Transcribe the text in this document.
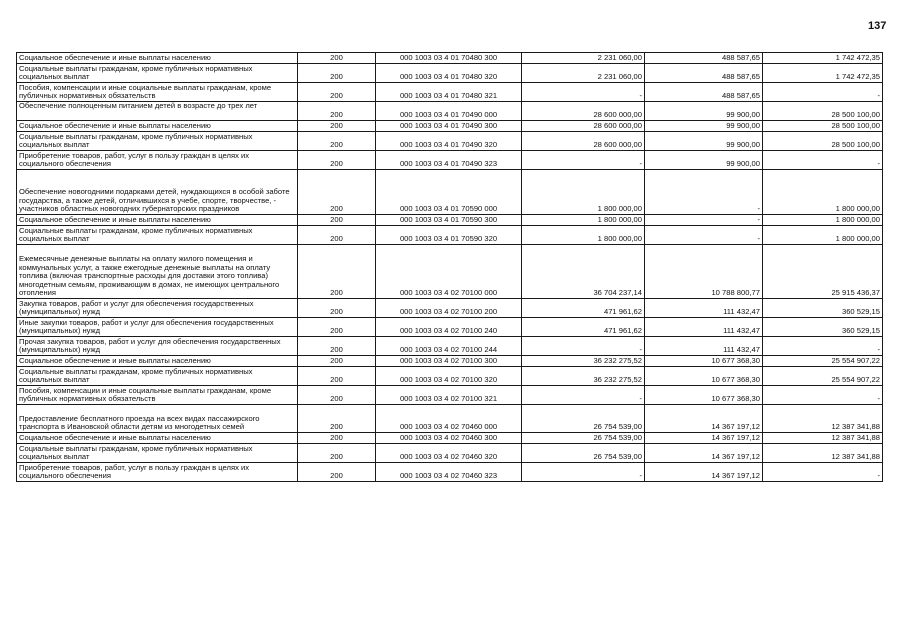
137
Социальное обеспечение и иные выплаты населению	200	000 1003 03 4 01 70480 300	2 231 060,00	488 587,65	1 742 472,35
Социальные выплаты гражданам, кроме публичных нормативных социальных выплат	200	000 1003 03 4 01 70480 320	2 231 060,00	488 587,65	1 742 472,35
Пособия, компенсации и иные социальные выплаты гражданам, кроме публичных нормативных обязательств	200	000 1003 03 4 01 70480 321	-	488 587,65	-
Обеспечение полноценным питанием детей в возрасте до трех лет	200	000 1003 03 4 01 70490 000	28 600 000,00	99 900,00	28 500 100,00
Социальное обеспечение и иные выплаты населению	200	000 1003 03 4 01 70490 300	28 600 000,00	99 900,00	28 500 100,00
Социальные выплаты гражданам, кроме публичных нормативных социальных выплат	200	000 1003 03 4 01 70490 320	28 600 000,00	99 900,00	28 500 100,00
Приобретение товаров, работ, услуг в пользу граждан в целях их социального обеспечения	200	000 1003 03 4 01 70490 323	-	99 900,00	-
Обеспечение новогодними подарками детей, нуждающихся в особой заботе государства, а также детей, отличившихся в учебе, спорте, творчестве, - участников областных новогодних губернаторских праздников	200	000 1003 03 4 01 70590 000	1 800 000,00	-	1 800 000,00
Социальное обеспечение и иные выплаты населению	200	000 1003 03 4 01 70590 300	1 800 000,00	-	1 800 000,00
Социальные выплаты гражданам, кроме публичных нормативных социальных выплат	200	000 1003 03 4 01 70590 320	1 800 000,00	-	1 800 000,00
Ежемесячные денежные выплаты на оплату жилого помещения и коммунальных услуг, а также ежегодные денежные выплаты на оплату топлива (включая транспортные расходы для доставки этого топлива) многодетным семьям, проживающим в домах, не имеющих центрального отопления	200	000 1003 03 4 02 70100 000	36 704 237,14	10 788 800,77	25 915 436,37
Закупка товаров, работ и услуг для обеспечения государственных (муниципальных) нужд	200	000 1003 03 4 02 70100 200	471 961,62	111 432,47	360 529,15
Иные закупки товаров, работ и услуг для обеспечения государственных (муниципальных) нужд	200	000 1003 03 4 02 70100 240	471 961,62	111 432,47	360 529,15
Прочая закупка товаров, работ и услуг для обеспечения государственных (муниципальных) нужд	200	000 1003 03 4 02 70100 244	-	111 432,47	-
Социальное обеспечение и иные выплаты населению	200	000 1003 03 4 02 70100 300	36 232 275,52	10 677 368,30	25 554 907,22
Социальные выплаты гражданам, кроме публичных нормативных социальных выплат	200	000 1003 03 4 02 70100 320	36 232 275,52	10 677 368,30	25 554 907,22
Пособия, компенсации и иные социальные выплаты гражданам, кроме публичных нормативных обязательств	200	000 1003 03 4 02 70100 321	-	10 677 368,30	-
Предоставление бесплатного проезда на всех видах пассажирского транспорта в Ивановской области детям из многодетных семей	200	000 1003 03 4 02 70460 000	26 754 539,00	14 367 197,12	12 387 341,88
Социальное обеспечение и иные выплаты населению	200	000 1003 03 4 02 70460 300	26 754 539,00	14 367 197,12	12 387 341,88
Социальные выплаты гражданам, кроме публичных нормативных социальных выплат	200	000 1003 03 4 02 70460 320	26 754 539,00	14 367 197,12	12 387 341,88
Приобретение товаров, работ, услуг в пользу граждан в целях их социального обеспечения	200	000 1003 03 4 02 70460 323	-	14 367 197,12	-
